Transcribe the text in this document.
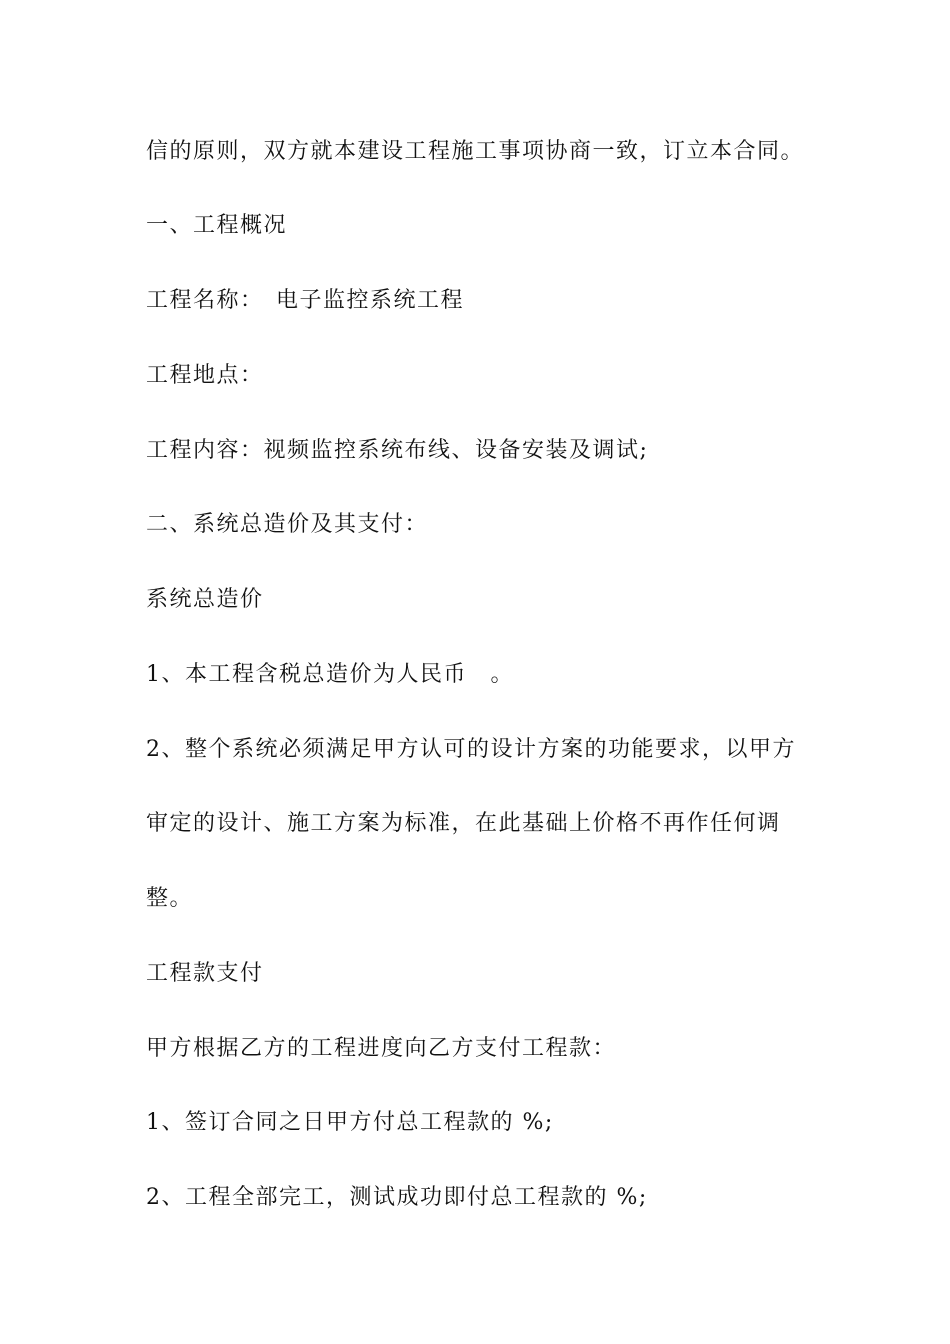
信的原则，双方就本建设工程施工事项协商一致，订立本合同。
一、工程概况
工程名称：　电子监控系统工程
工程地点：
工程内容：视频监控系统布线、设备安装及调试;
二、系统总造价及其支付：
系统总造价
1、本工程含税总造价为人民币　。
2、整个系统必须满足甲方认可的设计方案的功能要求，以甲方
审定的设计、施工方案为标准，在此基础上价格不再作任何调
整。
工程款支付
甲方根据乙方的工程进度向乙方支付工程款：
1、签订合同之日甲方付总工程款的 %;
2、工程全部完工，测试成功即付总工程款的 %;
